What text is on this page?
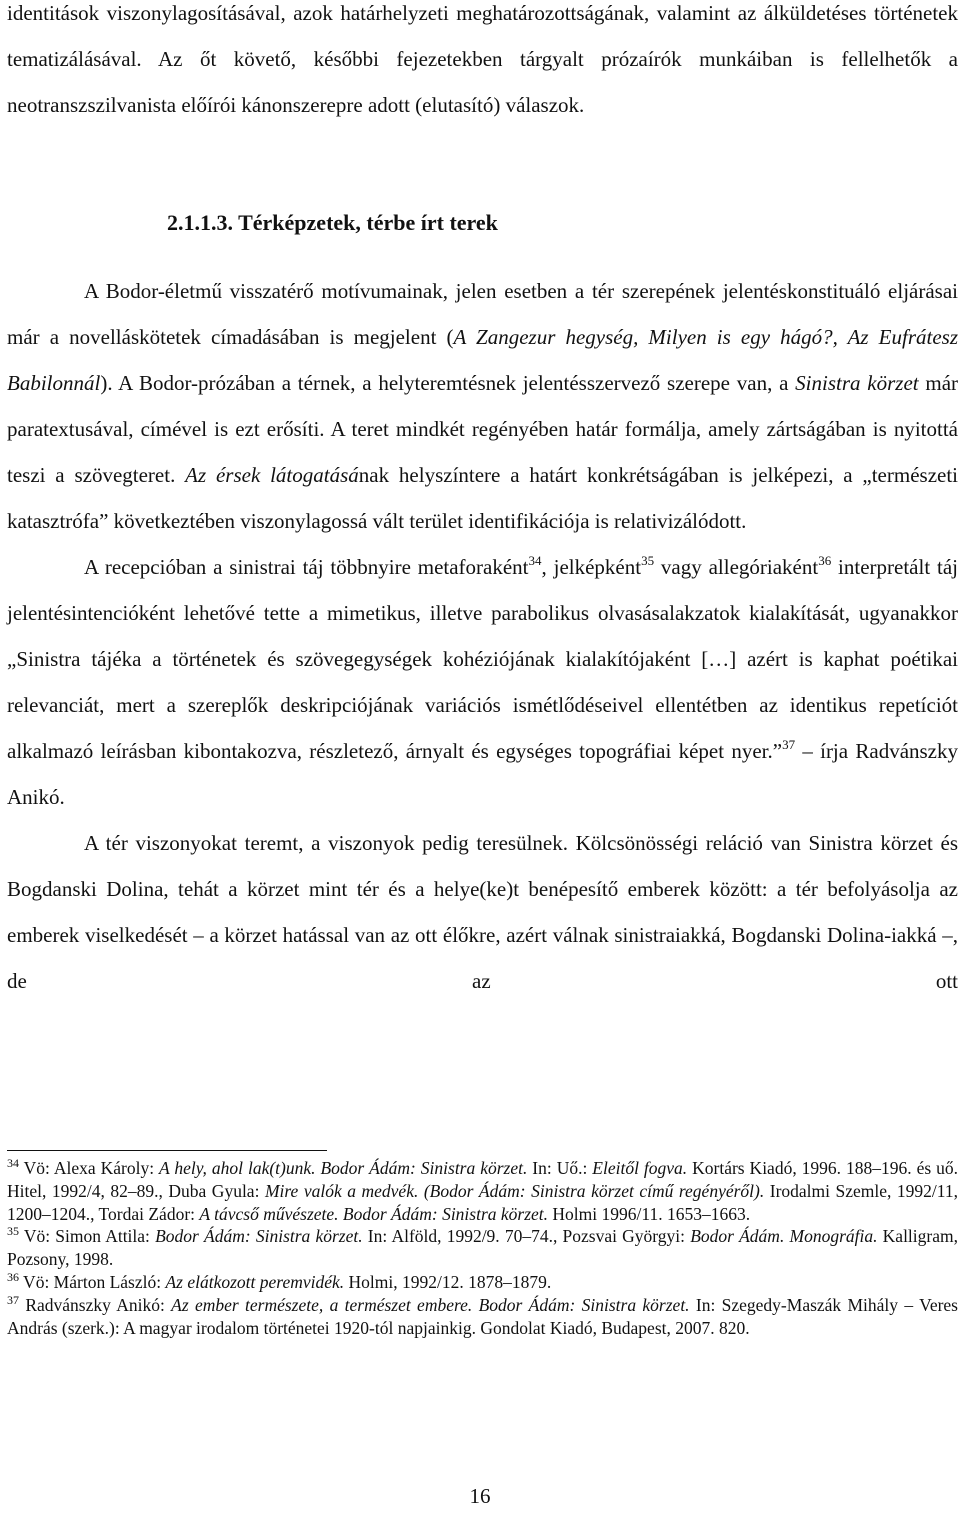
identitások viszonylagosításával, azok határhelyzeti meghatározottságának, valamint az álküldetéses történetek tematizálásával. Az őt követő, későbbi fejezetekben tárgyalt prózaírók munkáiban is fellelhetők a neotranszszilvanista előírói kánonszerepre adott (elutasító) válaszok.

2.1.1.3. Térképzetek, térbe írt terek

A Bodor-életmű visszatérő motívumainak, jelen esetben a tér szerepének jelentéskonstituáló eljárásai már a novelláskötetek címadásában is megjelent (A Zangezur hegység, Milyen is egy hágó?, Az Eufrátesz Babilonnál). A Bodor-prózában a térnek, a helyteremtésnek jelentésszervező szerepe van, a Sinistra körzet már paratextusával, címével is ezt erősíti. A teret mindkét regényében határ formálja, amely zártságában is nyitottá teszi a szövegteret. Az érsek látogatásának helyszíntere a határt konkrétságában is jelképezi, a „természeti katasztrófa” következtében viszonylagossá vált terület identifikációja is relativizálódott.

A recepcióban a sinistrai táj többnyire metaforaként$^{34}$, jelképként$^{35}$ vagy allegóriaként$^{36}$ interpretált táj jelentésintencióként lehetővé tette a mimetikus, illetve parabolikus olvasásalakzatok kialakítását, ugyanakkor „Sinistra tájéka a történetek és szövegegységek kohéziójának kialakítójaként […] azért is kaphat poétikai relevanciát, mert a szereplők deskripciójának variációs ismétlődéseivel ellentétben az identikus repetíciót alkalmazó leírásban kibontakozva, részletező, árnyalt és egységes topográfiai képet nyer.”$^{37}$ – írja Radvánszky Anikó.

A tér viszonyokat teremt, a viszonyok pedig teresülnek. Kölcsönösségi reláció van Sinistra körzet és Bogdanski Dolina, tehát a körzet mint tér és a helye(ke)t benépesítő emberek között: a tér befolyásolja az emberek viselkedését – a körzet hatással van az ott élőkre, azért válnak sinistraiakká, Bogdanski Dolina-iakká –, de az ott

$^{34}$ Vö: Alexa Károly: A hely, ahol lak(t)unk. Bodor Ádám: Sinistra körzet. In: Uő.: Eleitől fogva. Kortárs Kiadó, 1996. 188–196. és uő. Hitel, 1992/4, 82–89., Duba Gyula: Mire valók a medvék. (Bodor Ádám: Sinistra körzet című regényéről). Irodalmi Szemle, 1992/11, 1200–1204., Tordai Zádor: A távcső művészete. Bodor Ádám: Sinistra körzet. Holmi 1996/11. 1653–1663.

$^{35}$ Vö: Simon Attila: Bodor Ádám: Sinistra körzet. In: Alföld, 1992/9. 70–74., Pozsvai Györgyi: Bodor Ádám. Monográfia. Kalligram, Pozsony, 1998.

$^{36}$ Vö: Márton László: Az elátkozott peremvidék. Holmi, 1992/12. 1878–1879.

$^{37}$ Radvánszky Anikó: Az ember természete, a természet embere. Bodor Ádám: Sinistra körzet. In: Szegedy-Maszák Mihály – Veres András (szerk.): A magyar irodalom történetei 1920-tól napjainkig. Gondolat Kiadó, Budapest, 2007. 820.

16
